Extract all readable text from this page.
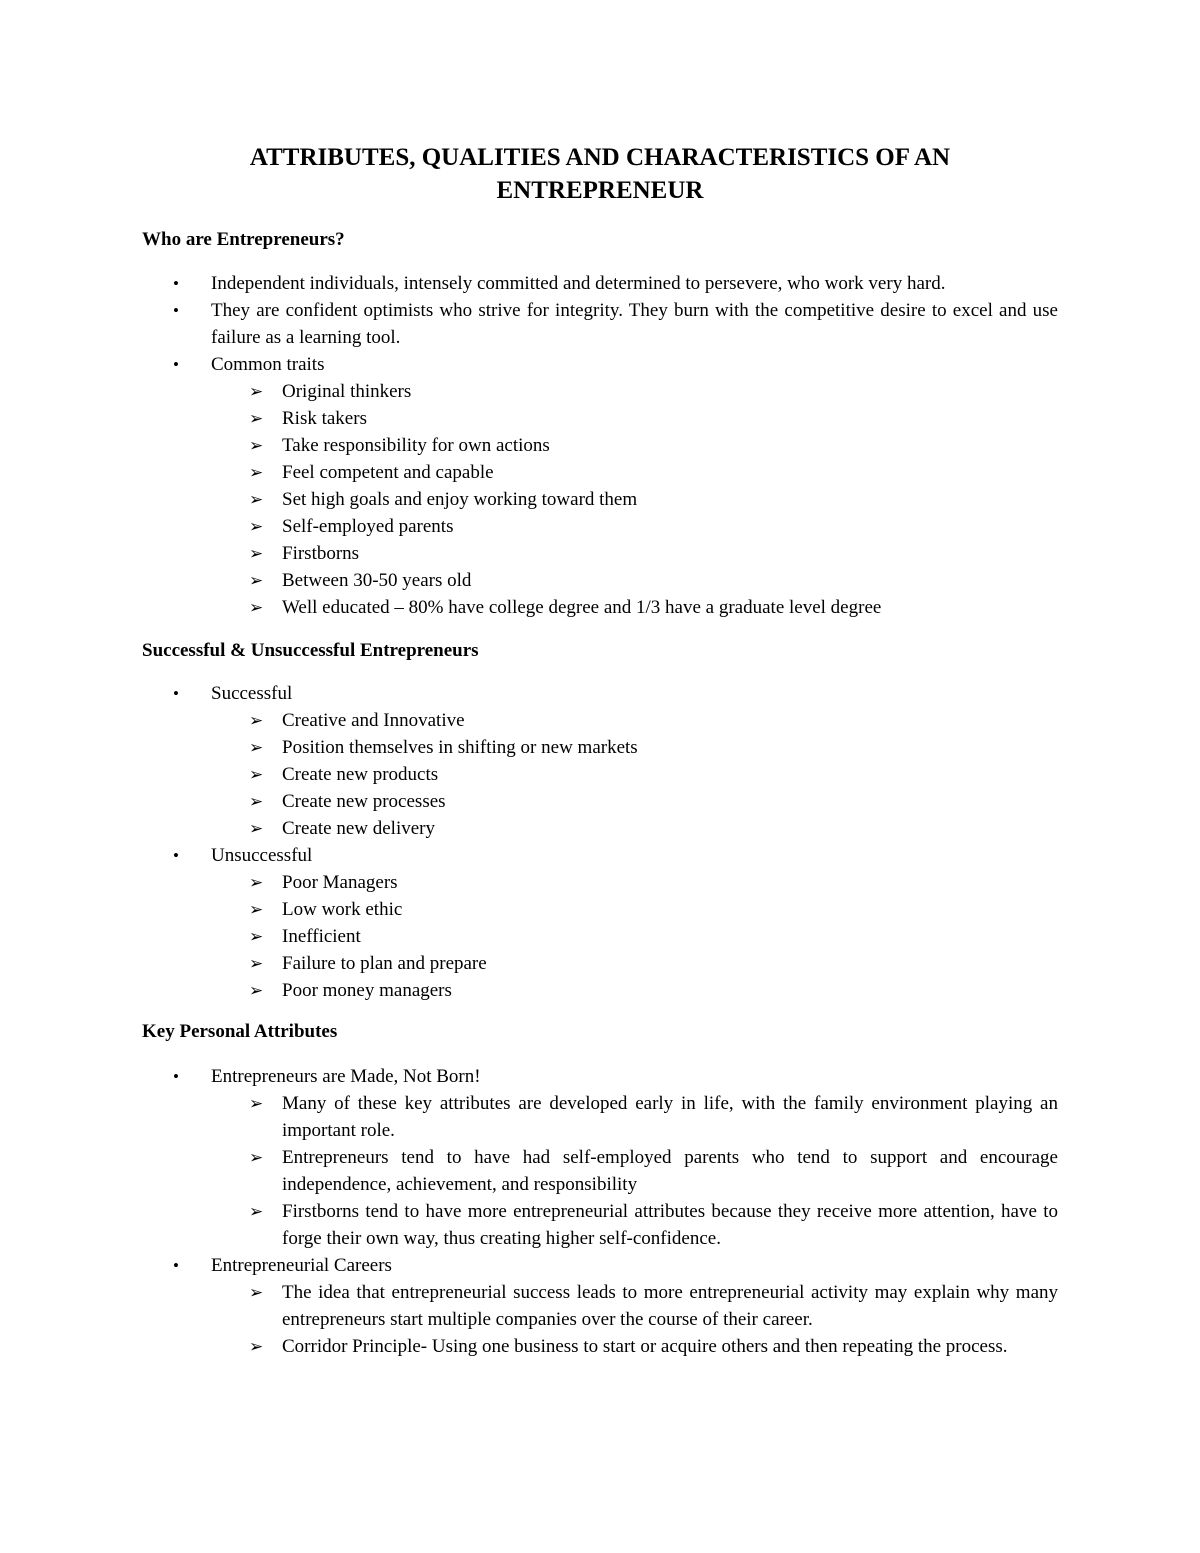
ATTRIBUTES, QUALITIES AND CHARACTERISTICS OF AN
ENTREPRENEUR
Who are Entrepreneurs?
• Independent individuals, intensely committed and determined to persevere, who work very hard.
• They are confident optimists who strive for integrity. They burn with the competitive desire to excel and use failure as a learning tool.
• Common traits
➢ Original thinkers
➢ Risk takers
➢ Take responsibility for own actions
➢ Feel competent and capable
➢ Set high goals and enjoy working toward them
➢ Self-employed parents
➢ Firstborns
➢ Between 30-50 years old
➢ Well educated – 80% have college degree and 1/3 have a graduate level degree
Successful & Unsuccessful Entrepreneurs
• Successful
➢ Creative and Innovative
➢ Position themselves in shifting or new markets
➢ Create new products
➢ Create new processes
➢ Create new delivery
• Unsuccessful
➢ Poor Managers
➢ Low work ethic
➢ Inefficient
➢ Failure to plan and prepare
➢ Poor money managers
Key Personal Attributes
• Entrepreneurs are Made, Not Born!
➢ Many of these key attributes are developed early in life, with the family environment playing an important role.
➢ Entrepreneurs tend to have had self-employed parents who tend to support and encourage independence, achievement, and responsibility
➢ Firstborns tend to have more entrepreneurial attributes because they receive more attention, have to forge their own way, thus creating higher self-confidence.
• Entrepreneurial Careers
➢ The idea that entrepreneurial success leads to more entrepreneurial activity may explain why many entrepreneurs start multiple companies over the course of their career.
➢ Corridor Principle- Using one business to start or acquire others and then repeating the process.
